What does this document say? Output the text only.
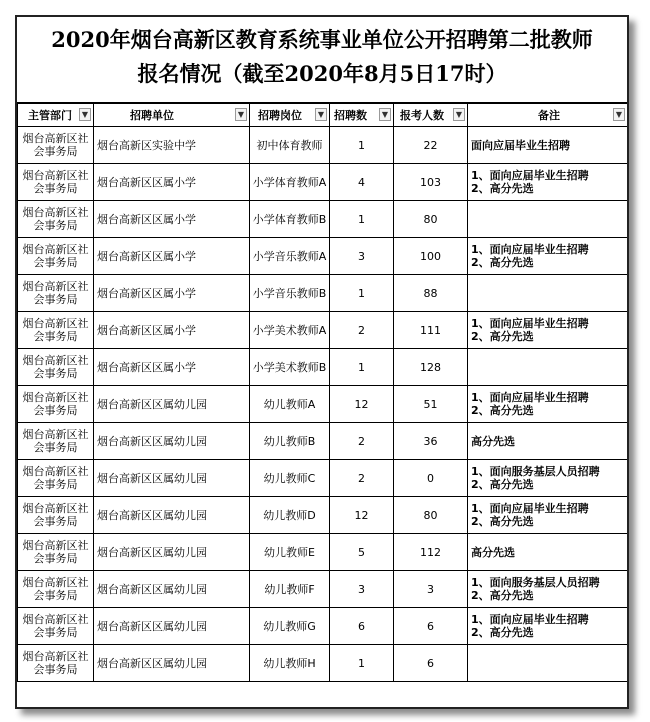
2020年烟台高新区教育系统事业单位公开招聘第二批教师
报名情况（截至2020年8月5日17时）
主管部门 ▼	招聘单位 ▼	招聘岗位 ▼	招聘数 ▼	报考人数 ▼	备注 ▼

烟台高新区社
会事务局	烟台高新区实验中学	初中体育教师	1	22	面向应届毕业生招聘

烟台高新区社
会事务局	烟台高新区区属小学	小学体育教师A	4	103	1、面向应届毕业生招聘
2、高分先选

烟台高新区社
会事务局	烟台高新区区属小学	小学体育教师B	1	80	

烟台高新区社
会事务局	烟台高新区区属小学	小学音乐教师A	3	100	1、面向应届毕业生招聘
2、高分先选

烟台高新区社
会事务局	烟台高新区区属小学	小学音乐教师B	1	88	

烟台高新区社
会事务局	烟台高新区区属小学	小学美术教师A	2	111	1、面向应届毕业生招聘
2、高分先选

烟台高新区社
会事务局	烟台高新区区属小学	小学美术教师B	1	128	

烟台高新区社
会事务局	烟台高新区区属幼儿园	幼儿教师A	12	51	1、面向应届毕业生招聘
2、高分先选

烟台高新区社
会事务局	烟台高新区区属幼儿园	幼儿教师B	2	36	高分先选

烟台高新区社
会事务局	烟台高新区区属幼儿园	幼儿教师C	2	0	1、面向服务基层人员招聘
2、高分先选

烟台高新区社
会事务局	烟台高新区区属幼儿园	幼儿教师D	12	80	1、面向应届毕业生招聘
2、高分先选

烟台高新区社
会事务局	烟台高新区区属幼儿园	幼儿教师E	5	112	高分先选

烟台高新区社
会事务局	烟台高新区区属幼儿园	幼儿教师F	3	3	1、面向服务基层人员招聘
2、高分先选

烟台高新区社
会事务局	烟台高新区区属幼儿园	幼儿教师G	6	6	1、面向应届毕业生招聘
2、高分先选

烟台高新区社
会事务局	烟台高新区区属幼儿园	幼儿教师H	1	6	
